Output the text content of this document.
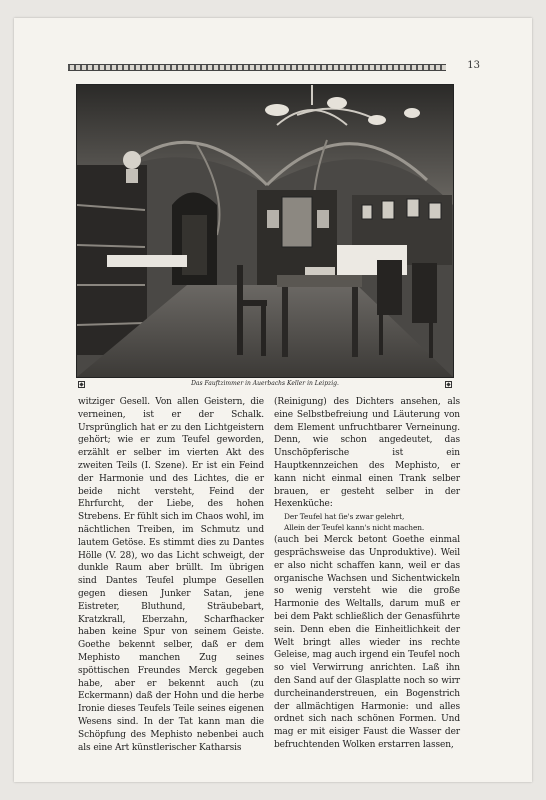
13
Das Fauftzimmer in Auerbachs Keller in Leipzig.

witziger Gesell. Von allen Geistern, die verneinen, ist er der Schalk. Ursprünglich hat er zu den Lichtgeistern gehört; wie er zum Teufel geworden, erzählt er selber im vierten Akt des zweiten Teils (I. Szene). Er ist ein Feind der Harmonie und des Lichtes, die er beide nicht versteht, Feind der Ehrfurcht, der Liebe, des hohen Strebens. Er fühlt sich im Chaos wohl, im nächtlichen Treiben, im Schmutz und lautem Getöse. Es stimmt dies zu Dantes Hölle (V. 28), wo das Licht schweigt, der dunkle Raum aber brüllt. Im übrigen sind Dantes Teufel plumpe Gesellen gegen diesen Junker Satan, jene Eistreter, Bluthund, Sträubebart, Kratzkrall, Eberzahn, Scharfhacker haben keine Spur von seinem Geiste. Goethe bekennt selber, daß er dem Mephisto manchen Zug seines spöttischen Freundes Merck gegeben habe, aber er bekennt auch (zu Eckermann) daß der Hohn und die herbe Ironie dieses Teufels Teile seines eigenen Wesens sind. In der Tat kann man die Schöpfung des Mephisto nebenbei auch als eine Art künstlerischer Katharsis

(Reinigung) des Dichters ansehen, als eine Selbstbefreiung und Läuterung von dem Element unfruchtbarer Verneinung. Denn, wie schon angedeutet, das Unschöpferische ist ein Hauptkennzeichen des Mephisto, er kann nicht einmal einen Trank selber brauen, er gesteht selber in der Hexenküche:

Der Teufel hat ſie's zwar gelehrt,

Allein der Teufel kann's nicht machen.

(auch bei Merck betont Goethe einmal gesprächsweise das Unproduktive). Weil er also nicht schaffen kann, weil er das organische Wachsen und Sichentwickeln so wenig versteht wie die große Harmonie des Weltalls, darum muß er bei dem Pakt schließlich der Genasführte sein. Denn eben die Einheitlichkeit der Welt bringt alles wieder ins rechte Geleise, mag auch irgend ein Teufel noch so viel Verwirrung anrichten. Laß ihn den Sand auf der Glasplatte noch so wirr durcheinanderstreuen, ein Bogenstrich der allmächtigen Harmonie: und alles ordnet sich nach schönen Formen. Und mag er mit eisiger Faust die Wasser der befruchtenden Wolken erstarren lassen,
